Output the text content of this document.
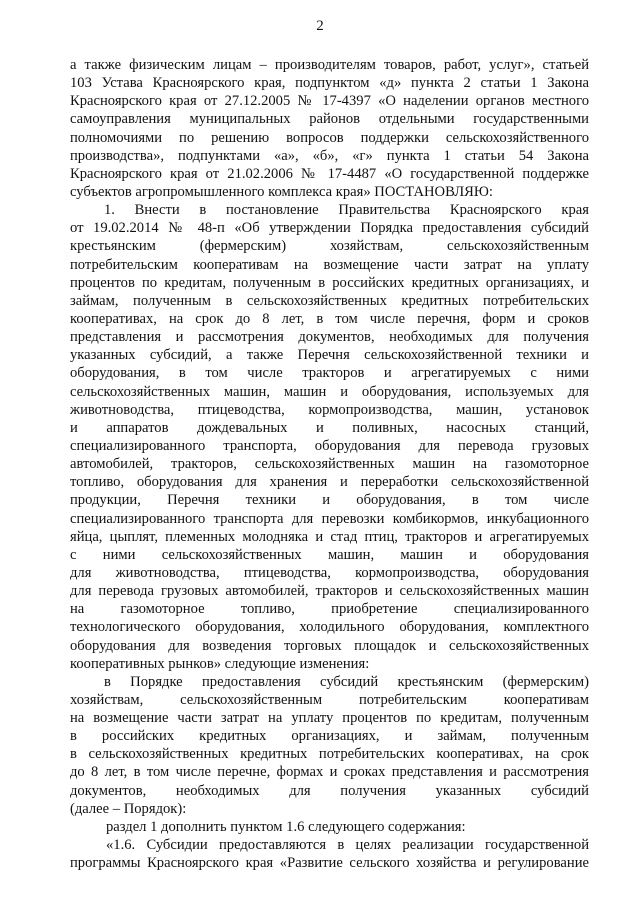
2
а также физическим лицам – производителям товаров, работ, услуг», статьей
103 Устава Красноярского края, подпунктом «д» пункта 2 статьи 1 Закона
Красноярского края от 27.12.2005 № 17-4397 «О наделении органов местного
самоуправления муниципальных районов отдельными государственными
полномочиями по решению вопросов поддержки сельскохозяйственного
производства», подпунктами «а», «б», «г» пункта 1 статьи 54 Закона
Красноярского края от 21.02.2006 № 17-4487 «О государственной поддержке
субъектов агропромышленного комплекса края» ПОСТАНОВЛЯЮ:
1. Внести в постановление Правительства Красноярского края
от 19.02.2014 № 48-п «Об утверждении Порядка предоставления субсидий
крестьянским (фермерским) хозяйствам, сельскохозяйственным
потребительским кооперативам на возмещение части затрат на уплату
процентов по кредитам, полученным в российских кредитных организациях, и
займам, полученным в сельскохозяйственных кредитных потребительских
кооперативах, на срок до 8 лет, в том числе перечня, форм и сроков
представления и рассмотрения документов, необходимых для получения
указанных субсидий, а также Перечня сельскохозяйственной техники и
оборудования, в том числе тракторов и агрегатируемых с ними
сельскохозяйственных машин, машин и оборудования, используемых для
животноводства, птицеводства, кормопроизводства, машин, установок
и аппаратов дождевальных и поливных, насосных станций,
специализированного транспорта, оборудования для перевода грузовых
автомобилей, тракторов, сельскохозяйственных машин на газомоторное
топливо, оборудования для хранения и переработки сельскохозяйственной
продукции, Перечня техники и оборудования, в том числе
специализированного транспорта для перевозки комбикормов, инкубационного
яйца, цыплят, племенных молодняка и стад птиц, тракторов и агрегатируемых
с ними сельскохозяйственных машин, машин и оборудования
для животноводства, птицеводства, кормопроизводства, оборудования
для перевода грузовых автомобилей, тракторов и сельскохозяйственных машин
на газомоторное топливо, приобретение специализированного
технологического оборудования, холодильного оборудования, комплектного
оборудования для возведения торговых площадок и сельскохозяйственных
кооперативных рынков» следующие изменения:
в Порядке предоставления субсидий крестьянским (фермерским)
хозяйствам, сельскохозяйственным потребительским кооперативам
на возмещение части затрат на уплату процентов по кредитам, полученным
в российских кредитных организациях, и займам, полученным
в сельскохозяйственных кредитных потребительских кооперативах, на срок
до 8 лет, в том числе перечне, формах и сроках представления и рассмотрения
документов, необходимых для получения указанных субсидий
(далее – Порядок):
раздел 1 дополнить пунктом 1.6 следующего содержания:
«1.6. Субсидии предоставляются в целях реализации государственной
программы Красноярского края «Развитие сельского хозяйства и регулирование
